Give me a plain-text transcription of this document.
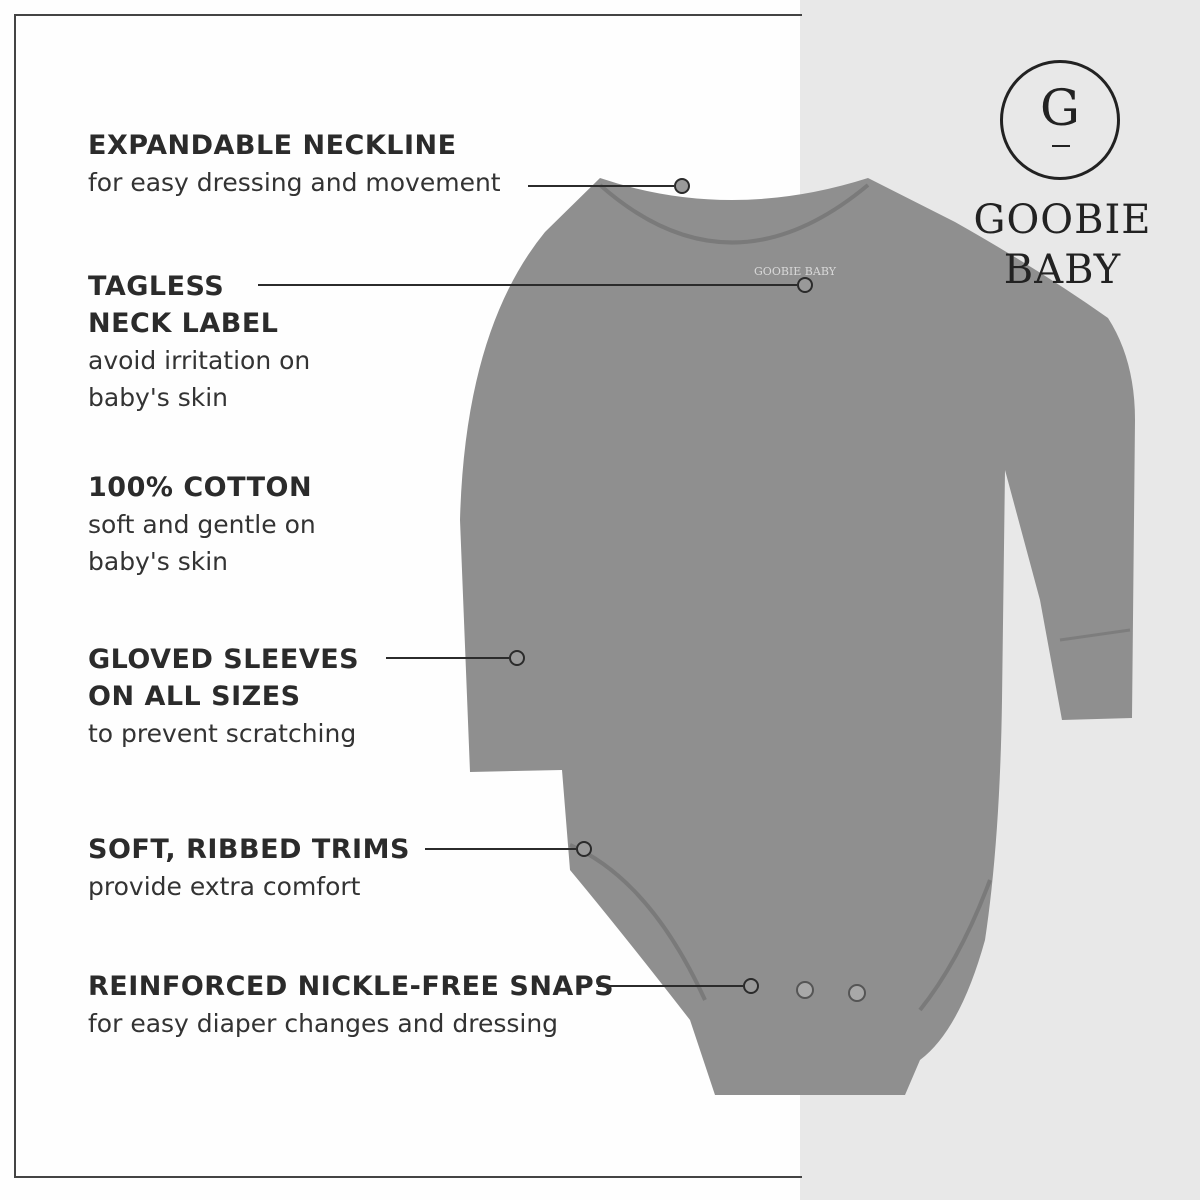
GOOBIE BABY
G
GOOBIE
BABY
EXPANDABLE NECKLINE
for easy dressing and movement
TAGLESS
NECK LABEL
avoid irritation on
baby's skin
100% COTTON
soft and gentle on
baby's skin
GLOVED SLEEVES
ON ALL SIZES
to prevent scratching
SOFT, RIBBED TRIMS
provide extra comfort
REINFORCED NICKLE-FREE SNAPS
for easy diaper changes and dressing
